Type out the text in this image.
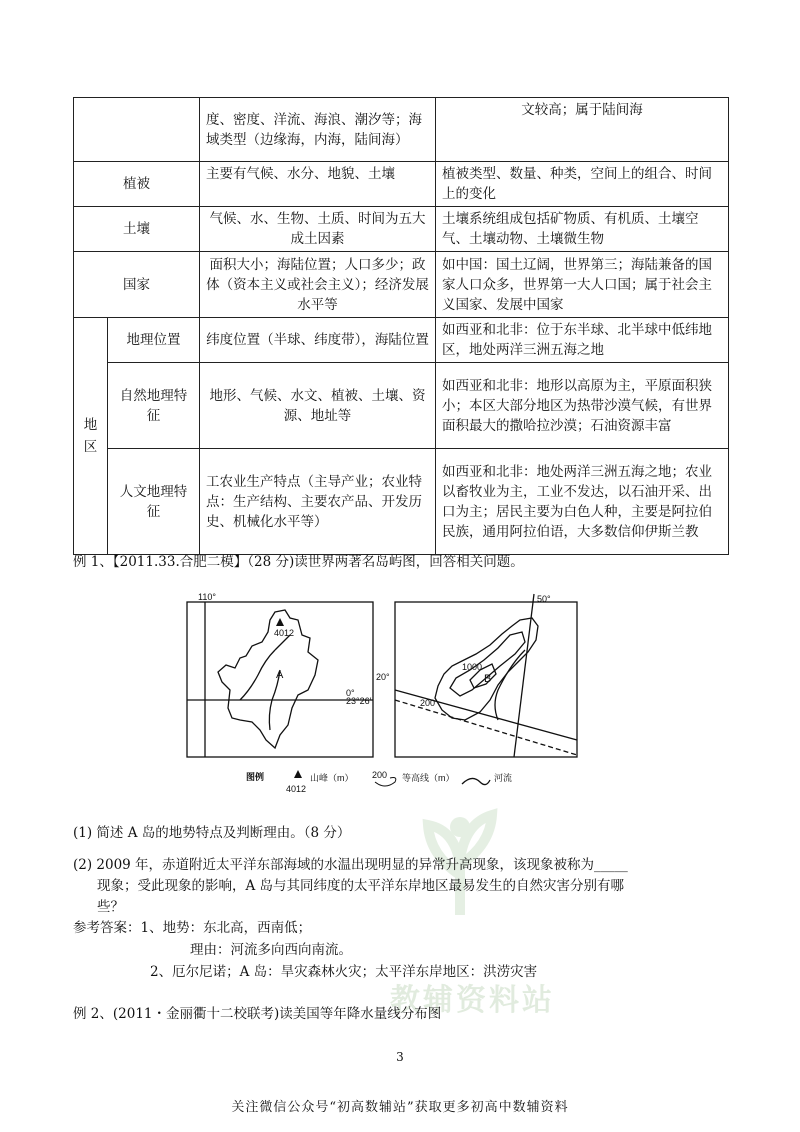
		度、密度、洋流、海浪、潮汐等；海域类型（边缘海，内海，陆间海）	文较高；属于陆间海
植被		主要有气候、水分、地貌、土壤	植被类型、数量、种类，空间上的组合、时间上的变化
土壤		气候、水、生物、土质、时间为五大成土因素	土壤系统组成包括矿物质、有机质、土壤空气、土壤动物、土壤微生物
国家		面积大小；海陆位置；人口多少；政体（资本主义或社会主义）；经济发展水平等	如中国：国土辽阔，世界第三；海陆兼备的国家人口众多，世界第一大人口国；属于社会主义国家、发展中国家
地区	地理位置	纬度位置（半球、纬度带），海陆位置	如西亚和北非：位于东半球、北半球中低纬地区，地处两洋三洲五海之地
	自然地理特征	地形、气候、水文、植被、土壤、资源、地址等	如西亚和北非：地形以高原为主，平原面积狭小；本区大部分地区为热带沙漠气候，有世界面积最大的撒哈拉沙漠；石油资源丰富
	人文地理特征	工农业生产特点（主导产业；农业特点：生产结构、主要农产品、开发历史、机械化水平等）	如西亚和北非：地处两洋三洲五海之地；农业以畜牧业为主，工业不发达，以石油开采、出口为主；居民主要为白色人种，主要是阿拉伯民族，通用阿拉伯语，大多数信仰伊斯兰教
例 1、【2011.33.合肥二模】（28 分)读世界两著名岛屿图，回答相关问题。
110°
4012
A
0°
50°
20°
23°26′
1000
B
200
图例
4012
山峰（m） 200 等高线（m）	河流
教辅资料站
(1) 简述 A 岛的地势特点及判断理由。（8 分）
(2) 2009 年，赤道附近太平洋东部海域的水温出现明显的异常升高现象，该现象被称为_____
现象；受此现象的影响，A 岛与其同纬度的太平洋东岸地区最易发生的自然灾害分别有哪
些？
参考答案：1、地势：东北高，西南低；
理由：河流多向西向南流。
2、厄尔尼诺；A 岛：旱灾森林火灾；太平洋东岸地区：洪涝灾害
例 2、(2011・金丽衢十二校联考)读美国等年降水量线分布图
3
关注微信公众号“初高数辅站”获取更多初高中数辅资料
